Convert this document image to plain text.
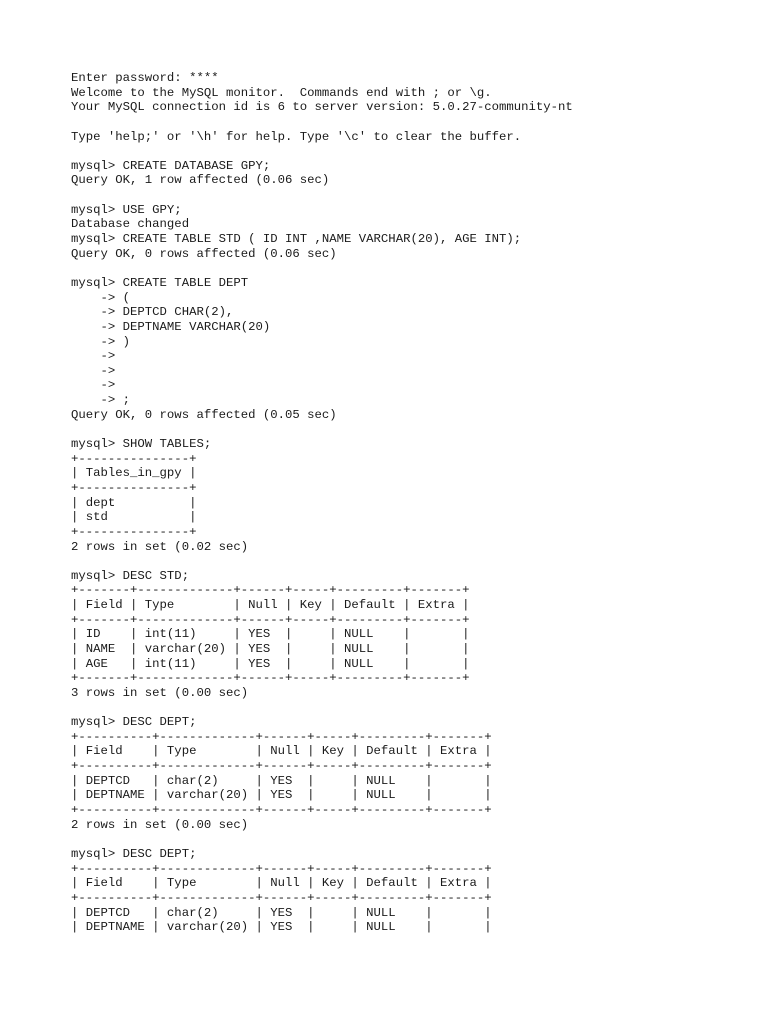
Enter password: ****
Welcome to the MySQL monitor.  Commands end with ; or \g.
Your MySQL connection id is 6 to server version: 5.0.27-community-nt
Type 'help;' or '\h' for help. Type '\c' to clear the buffer.
mysql> CREATE DATABASE GPY;
Query OK, 1 row affected (0.06 sec)
mysql> USE GPY;
Database changed
mysql> CREATE TABLE STD ( ID INT ,NAME VARCHAR(20), AGE INT);
Query OK, 0 rows affected (0.06 sec)
mysql> CREATE TABLE DEPT
-> (
-> DEPTCD CHAR(2),
-> DEPTNAME VARCHAR(20)
-> )
->
->
->
-> ;
Query OK, 0 rows affected (0.05 sec)
mysql> SHOW TABLES;
+---------------+
| Tables_in_gpy |
+---------------+
| dept          |
| std           |
+---------------+
2 rows in set (0.02 sec)
mysql> DESC STD;
+-------+-------------+------+-----+---------+-------+
| Field | Type        | Null | Key | Default | Extra |
+-------+-------------+------+-----+---------+-------+
| ID    | int(11)     | YES  |     | NULL    |       |
| NAME  | varchar(20) | YES  |     | NULL    |       |
| AGE   | int(11)     | YES  |     | NULL    |       |
+-------+-------------+------+-----+---------+-------+
3 rows in set (0.00 sec)
mysql> DESC DEPT;
+----------+-------------+------+-----+---------+-------+
| Field    | Type        | Null | Key | Default | Extra |
+----------+-------------+------+-----+---------+-------+
| DEPTCD   | char(2)     | YES  |     | NULL    |       |
| DEPTNAME | varchar(20) | YES  |     | NULL    |       |
+----------+-------------+------+-----+---------+-------+
2 rows in set (0.00 sec)
mysql> DESC DEPT;
+----------+-------------+------+-----+---------+-------+
| Field    | Type        | Null | Key | Default | Extra |
+----------+-------------+------+-----+---------+-------+
| DEPTCD   | char(2)     | YES  |     | NULL    |       |
| DEPTNAME | varchar(20) | YES  |     | NULL    |       |
